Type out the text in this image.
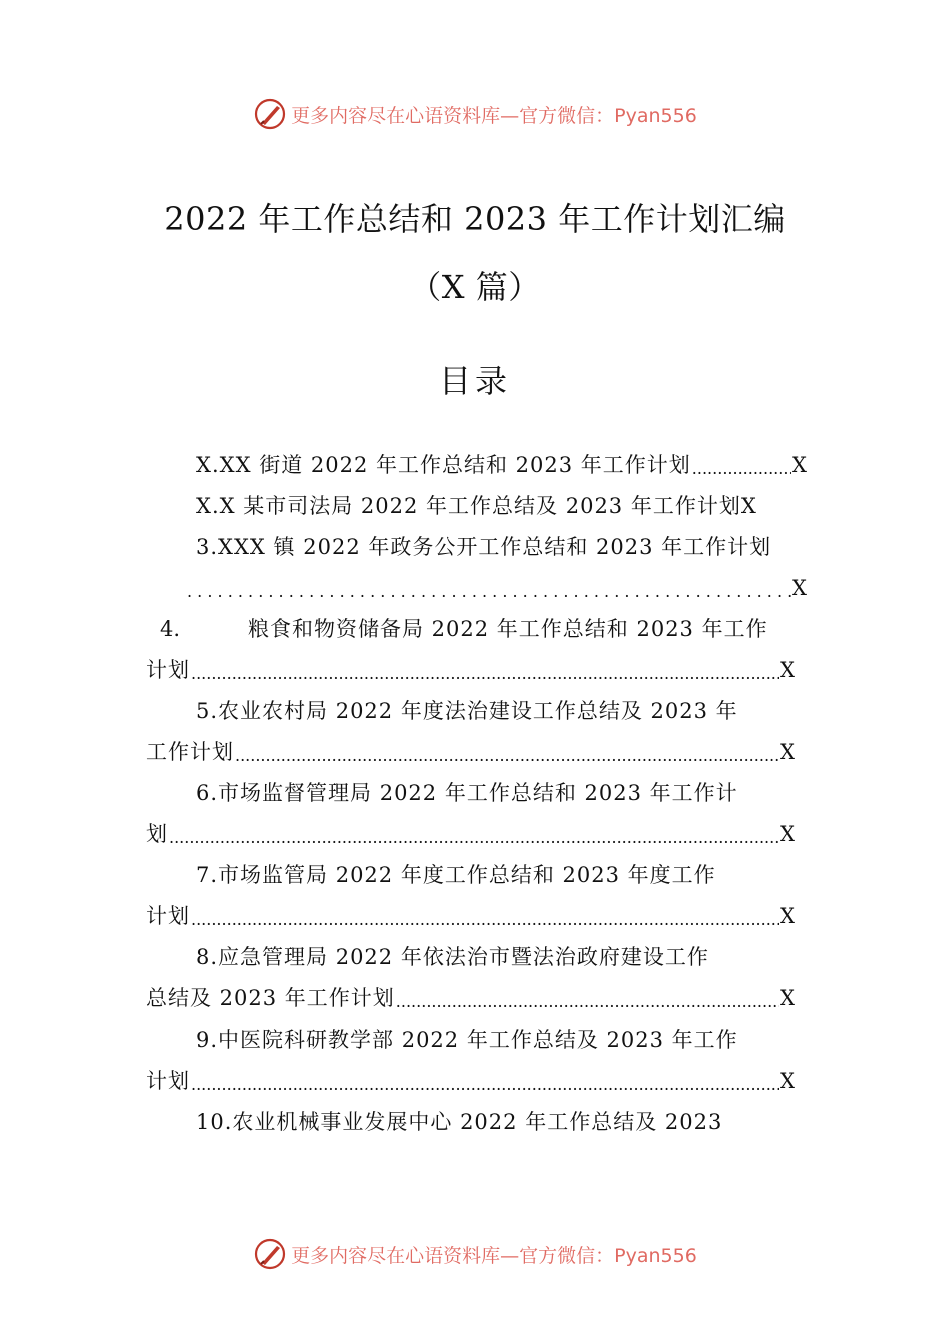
更多内容尽在心语资料库—官方微信：Pyan556
2022 年工作总结和 2023 年工作计划汇编
（X 篇）
目录
X.XX 街道 2022 年工作总结和 2023 年工作计划 .....	X
X.X 某市司法局 2022 年工作总结及 2023 年工作计划 X
3.XXX 镇 2022 年政务公开工作总结和 2023 年工作计划
. . .
X
4.	粮食和物资储备局 2022 年工作总结和 2023 年工作
计划 .....	X
5.农业农村局 2022 年度法治建设工作总结及 2023 年
工作计划 .....	X
6.市场监督管理局 2022 年工作总结和 2023 年工作计
划 .....	X
7.市场监管局 2022 年度工作总结和 2023 年度工作
计划 .....	X
8.应急管理局 2022 年依法治市暨法治政府建设工作
总结及 2023 年工作计划 .....	X
9.中医院科研教学部 2022 年工作总结及 2023 年工作
计划 .....	X
10.农业机械事业发展中心 2022 年工作总结及 2023
更多内容尽在心语资料库—官方微信：Pyan556
